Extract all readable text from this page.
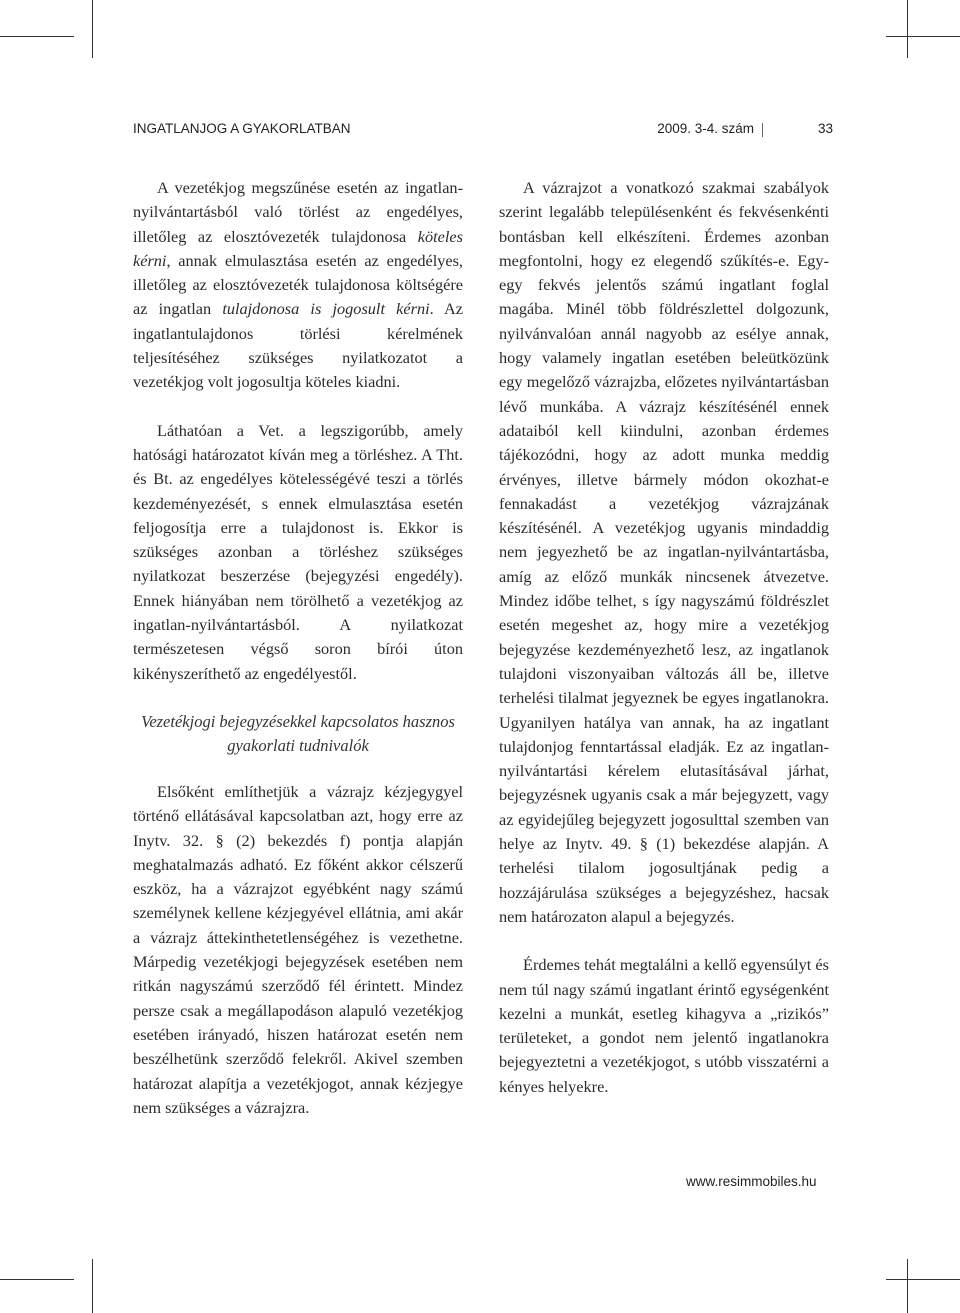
INGATLANJOG A GYAKORLATBAN	2009. 3-4. szám	33

A vezetékjog megszűnése esetén az ingatlan-nyilvántartásból való törlést az engedélyes, illetőleg az elosztóvezeték tulajdonosa köteles kérni, annak elmulasztása esetén az engedélyes, illetőleg az elosztóvezeték tulajdonosa költségére az ingatlan tulajdonosa is jogosult kérni. Az ingatlantulajdonos törlési kérelmének teljesítéséhez szükséges nyilatkozatot a vezetékjog volt jogosultja köteles kiadni.

Láthatóan a Vet. a legszigorúbb, amely hatósági határozatot kíván meg a törléshez. A Tht. és Bt. az engedélyes kötelességévé teszi a törlés kezdeményezését, s ennek elmulasztása esetén feljogosítja erre a tulajdonost is. Ekkor is szükséges azonban a törléshez szükséges nyilatkozat beszerzése (bejegyzési engedély). Ennek hiányában nem törölhető a vezetékjog az ingatlan-nyilvántartásból. A nyilatkozat természetesen végső soron bírói úton kikényszeríthető az engedélyestől.

Vezetékjogi bejegyzésekkel kapcsolatos hasznos gyakorlati tudnivalók

Elsőként említhetjük a vázrajz kézjegygyel történő ellátásával kapcsolatban azt, hogy erre az Inytv. 32. § (2) bekezdés f) pontja alapján meghatalmazás adható. Ez főként akkor célszerű eszköz, ha a vázrajzot egyébként nagy számú személynek kellene kézjegyével ellátnia, ami akár a vázrajz áttekinthetetlenségéhez is vezethetne. Márpedig vezetékjogi bejegyzések esetében nem ritkán nagyszámú szerződő fél érintett. Mindez persze csak a megállapodáson alapuló vezetékjog esetében irányadó, hiszen határozat esetén nem beszélhetünk szerződő felekről. Akivel szemben határozat alapítja a vezetékjogot, annak kézjegye nem szükséges a vázrajzra.

A vázrajzot a vonatkozó szakmai szabályok szerint legalább településenként és fekvésenkénti bontásban kell elkészíteni. Érdemes azonban megfontolni, hogy ez elegendő szűkítés-e. Egy-egy fekvés jelentős számú ingatlant foglal magába. Minél több földrészlettel dolgozunk, nyilvánvalóan annál nagyobb az esélye annak, hogy valamely ingatlan esetében beleütközünk egy megelőző vázrajzba, előzetes nyilvántartásban lévő munkába. A vázrajz készítésénél ennek adataiból kell kiindulni, azonban érdemes tájékozódni, hogy az adott munka meddig érvényes, illetve bármely módon okozhat-e fennakadást a vezetékjog vázrajzának készítésénél. A vezetékjog ugyanis mindaddig nem jegyezhető be az ingatlan-nyilvántartásba, amíg az előző munkák nincsenek átvezetve. Mindez időbe telhet, s így nagyszámú földrészlet esetén megeshet az, hogy mire a vezetékjog bejegyzése kezdeményezhető lesz, az ingatlanok tulajdoni viszonyaiban változás áll be, illetve terhelési tilalmat jegyeznek be egyes ingatlanokra. Ugyanilyen hatálya van annak, ha az ingatlant tulajdonjog fenntartással eladják. Ez az ingatlan-nyilvántartási kérelem elutasításával járhat, bejegyzésnek ugyanis csak a már bejegyzett, vagy az egyidejűleg bejegyzett jogosulttal szemben van helye az Inytv. 49. § (1) bekezdése alapján. A terhelési tilalom jogosultjának pedig a hozzájárulása szükséges a bejegyzéshez, hacsak nem határozaton alapul a bejegyzés.

Érdemes tehát megtalálni a kellő egyensúlyt és nem túl nagy számú ingatlant érintő egységenként kezelni a munkát, esetleg kihagyva a „rizikós” területeket, a gondot nem jelentő ingatlanokra bejegyeztetni a vezetékjogot, s utóbb visszatérni a kényes helyekre.

www.resimmobiles.hu
